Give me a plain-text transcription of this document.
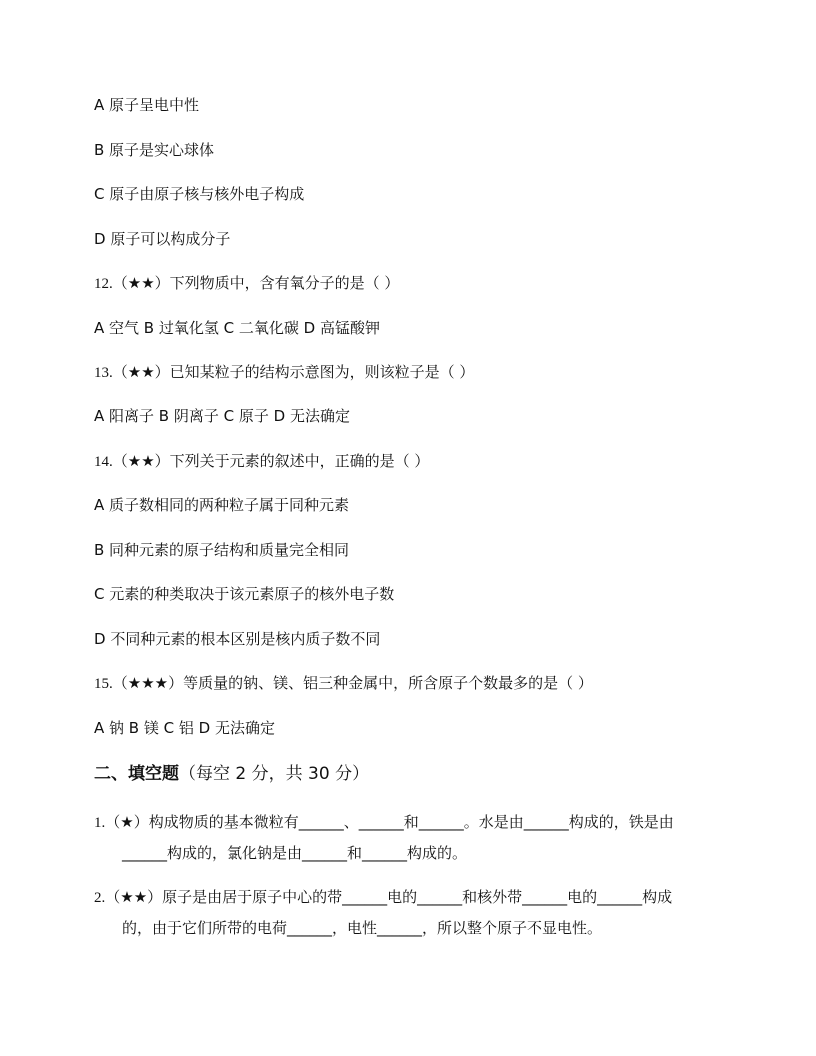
A 原子呈电中性
B 原子是实心球体
C 原子由原子核与核外电子构成
D 原子可以构成分子
12.（★★）下列物质中，含有氧分子的是（ ）
A 空气 B 过氧化氢 C 二氧化碳 D 高锰酸钾
13.（★★）已知某粒子的结构示意图为，则该粒子是（ ）
A 阳离子 B 阴离子 C 原子 D 无法确定
14.（★★）下列关于元素的叙述中，正确的是（ ）
A 质子数相同的两种粒子属于同种元素
B 同种元素的原子结构和质量完全相同
C 元素的种类取决于该元素原子的核外电子数
D 不同种元素的根本区别是核内质子数不同
15.（★★★）等质量的钠、镁、铝三种金属中，所含原子个数最多的是（ ）
A 钠 B 镁 C 铝 D 无法确定
二、填空题（每空 2 分，共 30 分）
1.（★）构成物质的基本微粒有______、______和______。水是由______构成的，铁是由
______构成的，氯化钠是由______和______构成的。
2.（★★）原子是由居于原子中心的带______电的______和核外带______电的______构成
的，由于它们所带的电荷______，电性______，所以整个原子不显电性。
